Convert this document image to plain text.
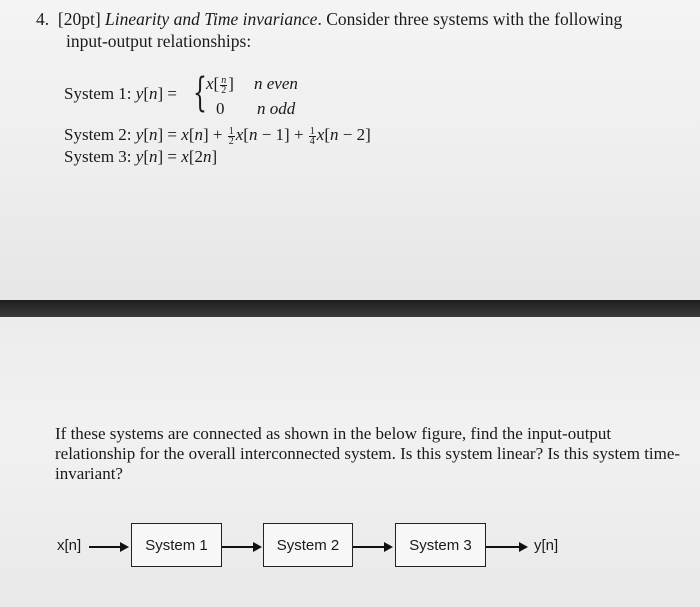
4. [20pt] Linearity and Time invariance. Consider three systems with the following
input-output relationships:
System 1: y[n] = { $x[ \frac{n}{2}$ ] n even
0 n odd
System 2: $y[n] = x[n] + \frac{1}{2} x[n - 1] + \frac{1}{4} x[n - 2]$
System 3: y[n] = x[2n]
If these systems are connected as shown in the below figure, find the input-output relationship for the overall interconnected system. Is this system linear? Is this system time-invariant?
x[n]	System 1	System 2	System 3	y[n]
